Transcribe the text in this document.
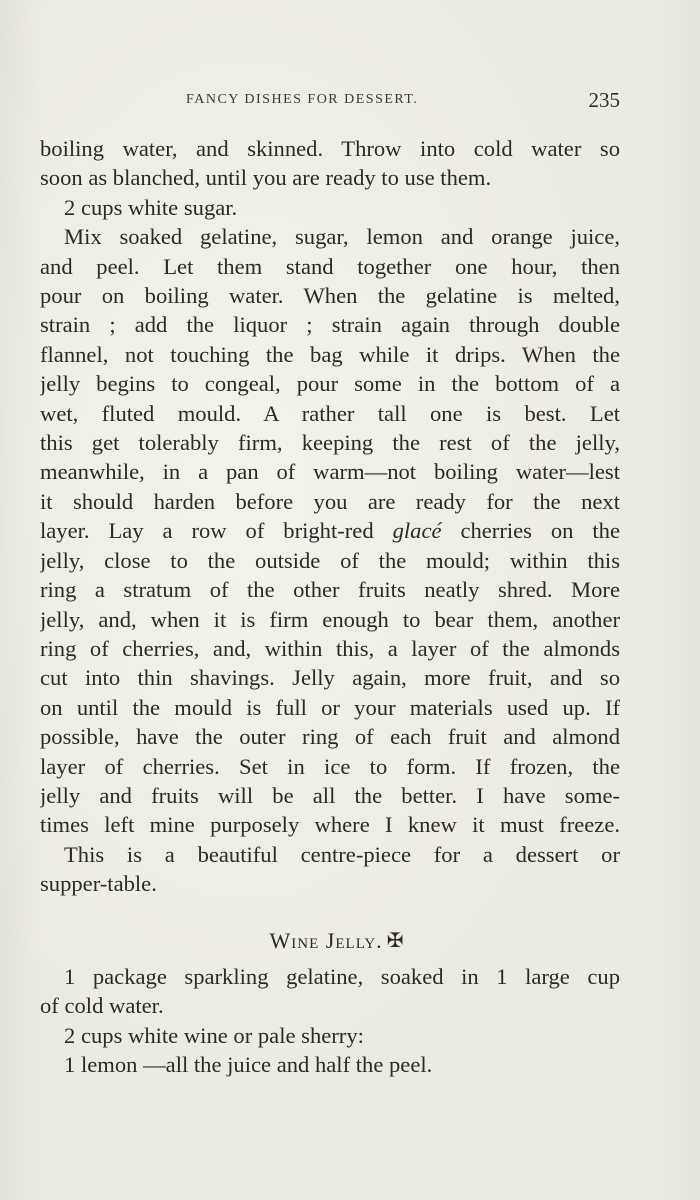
FANCY DISHES FOR DESSERT.	235
boiling water, and skinned. Throw into cold water so
soon as blanched, until you are ready to use them.
2 cups white sugar.
Mix soaked gelatine, sugar, lemon and orange juice,
and peel. Let them stand together one hour, then
pour on boiling water. When the gelatine is melted,
strain ; add the liquor ; strain again through double
flannel, not touching the bag while it drips. When the
jelly begins to congeal, pour some in the bottom of a
wet, fluted mould. A rather tall one is best. Let
this get tolerably firm, keeping the rest of the jelly,
meanwhile, in a pan of warm—not boiling water—lest
it should harden before you are ready for the next
layer. Lay a row of bright-red glacé cherries on the
jelly, close to the outside of the mould; within this
ring a stratum of the other fruits neatly shred. More
jelly, and, when it is firm enough to bear them, another
ring of cherries, and, within this, a layer of the almonds
cut into thin shavings. Jelly again, more fruit, and so
on until the mould is full or your materials used up. If
possible, have the outer ring of each fruit and almond
layer of cherries. Set in ice to form. If frozen, the
jelly and fruits will be all the better. I have some-
times left mine purposely where I knew it must freeze.
This is a beautiful centre-piece for a dessert or
supper-table.
Wine Jelly. ✠
1 package sparkling gelatine, soaked in 1 large cup
of cold water.
2 cups white wine or pale sherry:
1 lemon —all the juice and half the peel.
